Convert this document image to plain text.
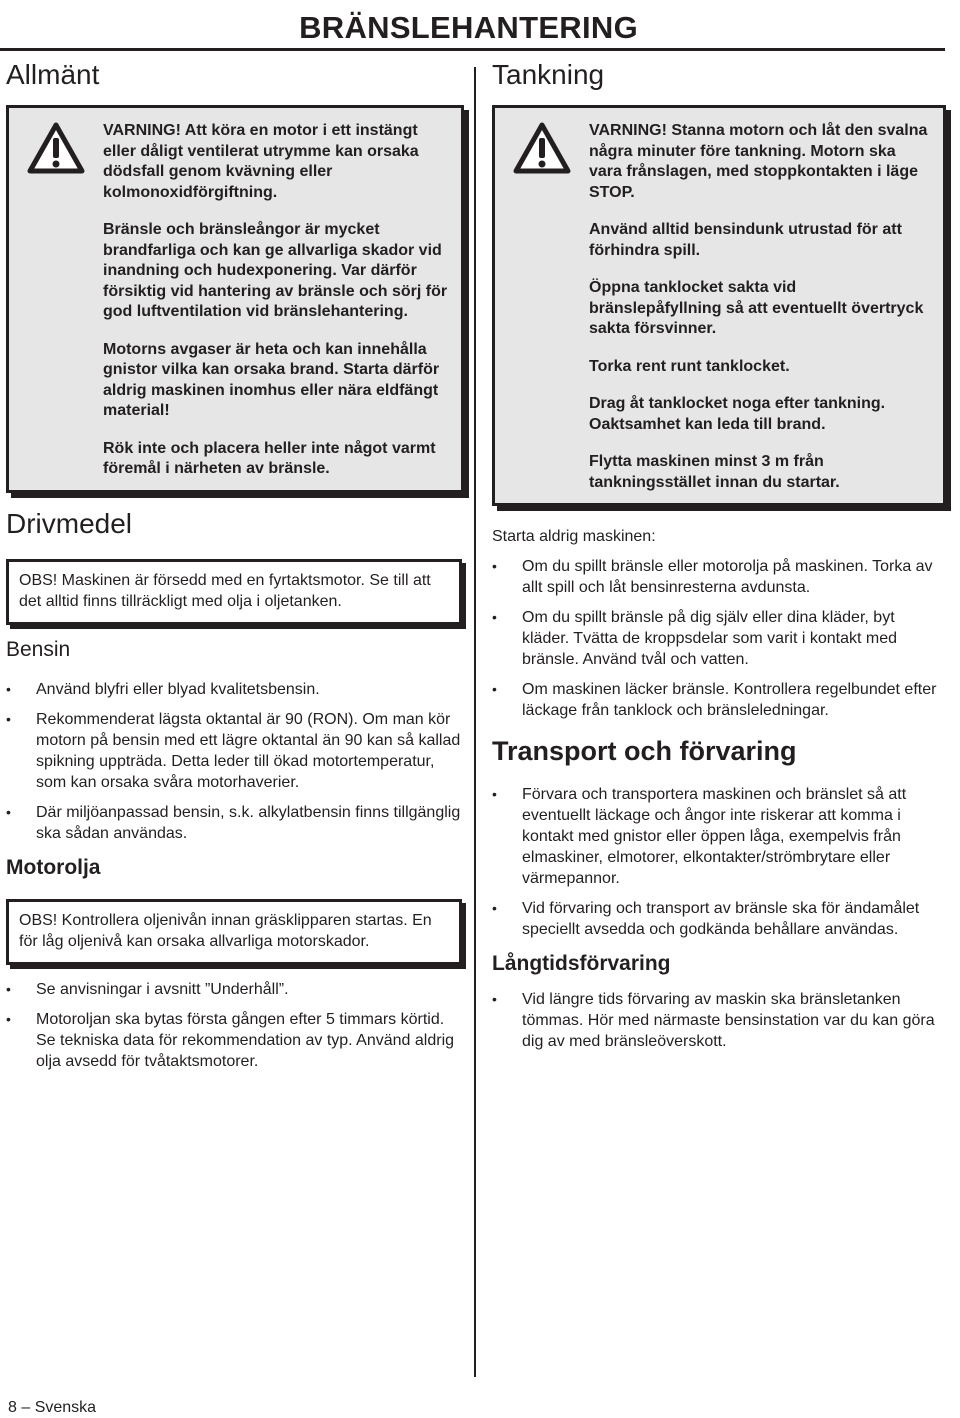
BRÄNSLEHANTERING
Allmänt

VARNING! Att köra en motor i ett instängt eller dåligt ventilerat utrymme kan orsaka dödsfall genom kvävning eller kolmonoxidförgiftning.

Bränsle och bränsleångor är mycket brandfarliga och kan ge allvarliga skador vid inandning och hudexponering. Var därför försiktig vid hantering av bränsle och sörj för god luftventilation vid bränslehantering.

Motorns avgaser är heta och kan innehålla gnistor vilka kan orsaka brand. Starta därför aldrig maskinen inomhus eller nära eldfängt material!

Rök inte och placera heller inte något varmt föremål i närheten av bränsle.

Drivmedel
OBS! Maskinen är försedd med en fyrtaktsmotor. Se till att det alltid finns tillräckligt med olja i oljetanken.
Bensin
• Använd blyfri eller blyad kvalitetsbensin.
• Rekommenderat lägsta oktantal är 90 (RON). Om man kör motorn på bensin med ett lägre oktantal än 90 kan så kallad spikning uppträda. Detta leder till ökad motortemperatur, som kan orsaka svåra motorhaverier.
• Där miljöanpassad bensin, s.k. alkylatbensin finns tillgänglig ska sådan användas.
Motorolja
OBS! Kontrollera oljenivån innan gräsklipparen startas. En för låg oljenivå kan orsaka allvarliga motorskador.
• Se anvisningar i avsnitt ”Underhåll”.
• Motoroljan ska bytas första gången efter 5 timmars körtid. Se tekniska data för rekommendation av typ. Använd aldrig olja avsedd för tvåtaktsmotorer.
Tankning

VARNING! Stanna motorn och låt den svalna några minuter före tankning. Motorn ska vara frånslagen, med stoppkontakten i läge STOP.

Använd alltid bensindunk utrustad för att förhindra spill.

Öppna tanklocket sakta vid bränslepåfyllning så att eventuellt övertryck sakta försvinner.

Torka rent runt tanklocket.

Drag åt tanklocket noga efter tankning. Oaktsamhet kan leda till brand.

Flytta maskinen minst 3 m från tankningsstället innan du startar.

Starta aldrig maskinen:

• Om du spillt bränsle eller motorolja på maskinen. Torka av allt spill och låt bensinresterna avdunsta.
• Om du spillt bränsle på dig själv eller dina kläder, byt kläder. Tvätta de kroppsdelar som varit i kontakt med bränsle. Använd tvål och vatten.
• Om maskinen läcker bränsle. Kontrollera regelbundet efter läckage från tanklock och bränsleledningar.
Transport och förvaring
• Förvara och transportera maskinen och bränslet så att eventuellt läckage och ångor inte riskerar att komma i kontakt med gnistor eller öppen låga, exempelvis från elmaskiner, elmotorer, elkontakter/strömbrytare eller värmepannor.
• Vid förvaring och transport av bränsle ska för ändamålet speciellt avsedda och godkända behållare användas.
Långtidsförvaring
• Vid längre tids förvaring av maskin ska bränsletanken tömmas. Hör med närmaste bensinstation var du kan göra dig av med bränsleöverskott.
8 – Svenska
